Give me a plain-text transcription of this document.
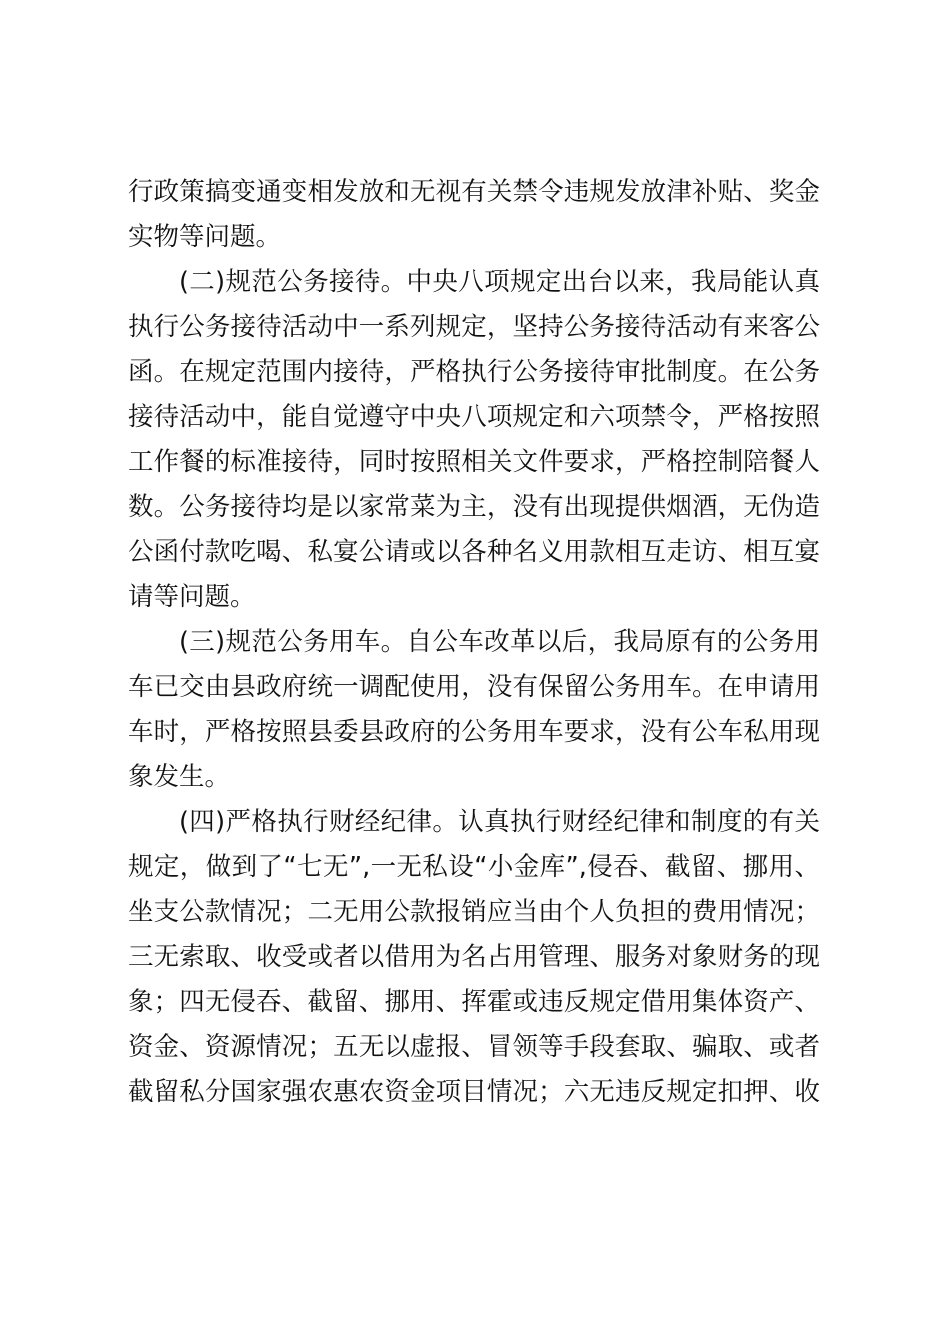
行政策搞变通变相发放和无视有关禁令违规发放津补贴、奖金
实物等问题。
(二)规范公务接待。中央八项规定出台以来，我局能认真
执行公务接待活动中一系列规定，坚持公务接待活动有来客公
函。在规定范围内接待，严格执行公务接待审批制度。在公务
接待活动中，能自觉遵守中央八项规定和六项禁令，严格按照
工作餐的标准接待，同时按照相关文件要求，严格控制陪餐人
数。公务接待均是以家常菜为主，没有出现提供烟酒，无伪造
公函付款吃喝、私宴公请或以各种名义用款相互走访、相互宴
请等问题。
(三)规范公务用车。自公车改革以后，我局原有的公务用
车已交由县政府统一调配使用，没有保留公务用车。在申请用
车时，严格按照县委县政府的公务用车要求，没有公车私用现
象发生。
(四)严格执行财经纪律。认真执行财经纪律和制度的有关
规定，做到了“七无”,一无私设“小金库”,侵吞、截留、挪用、
坐支公款情况；二无用公款报销应当由个人负担的费用情况；
三无索取、收受或者以借用为名占用管理、服务对象财务的现
象；四无侵吞、截留、挪用、挥霍或违反规定借用集体资产、
资金、资源情况；五无以虚报、冒领等手段套取、骗取、或者
截留私分国家强农惠农资金项目情况；六无违反规定扣押、收
